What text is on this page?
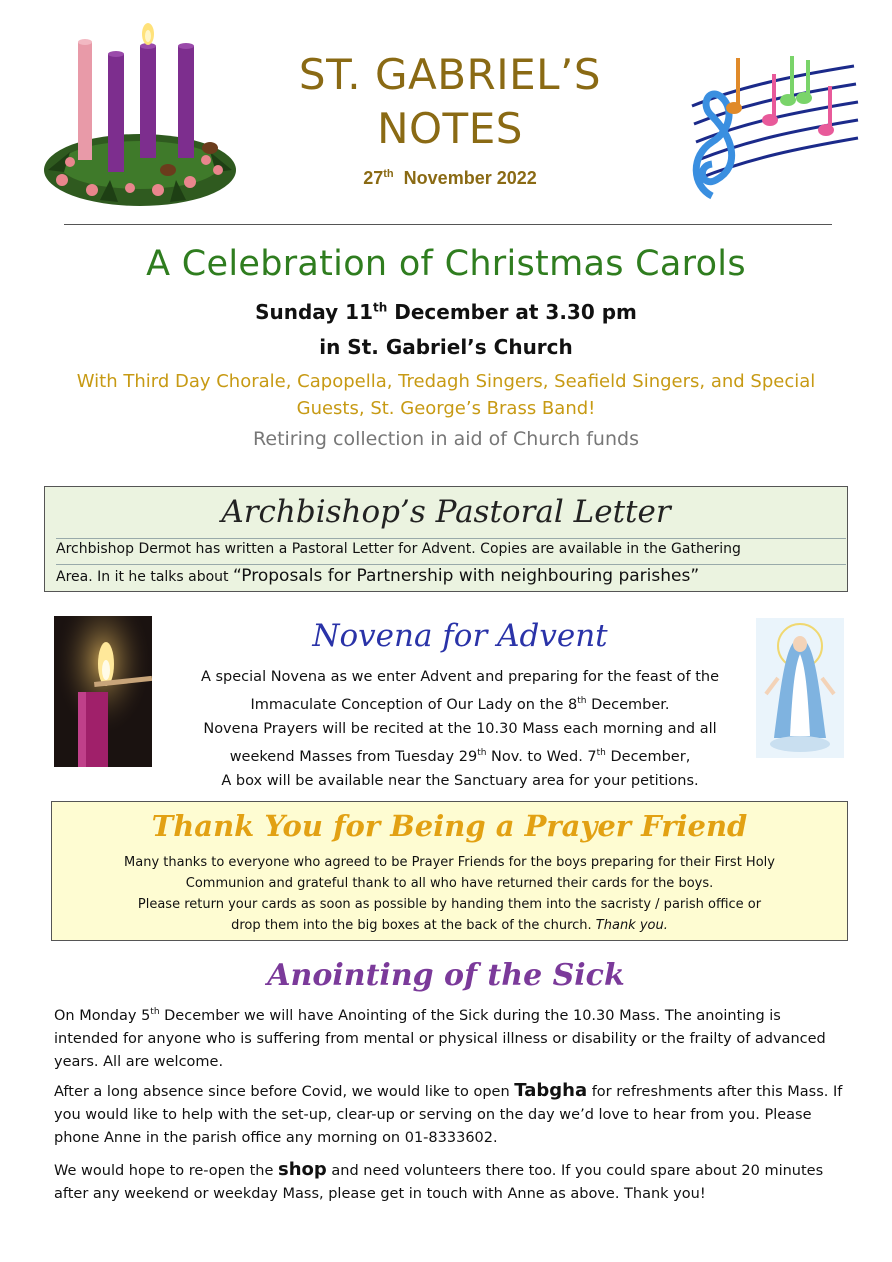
ST. GABRIEL’S
NOTES
27th November 2022
A Celebration of Christmas Carols
Sunday 11th December at 3.30 pm
in St. Gabriel’s Church
With Third Day Chorale, Capopella, Tredagh Singers, Seafield Singers, and Special Guests, St. George’s Brass Band!
Retiring collection in aid of Church funds
Archbishop’s Pastoral Letter
Archbishop Dermot has written a Pastoral Letter for Advent. Copies are available in the Gathering
Area. In it he talks about “Proposals for Partnership with neighbouring parishes”
Novena for Advent
A special Novena as we enter Advent and preparing for the feast of the
Immaculate Conception of Our Lady on the 8th December.
Novena Prayers will be recited at the 10.30 Mass each morning and all
weekend Masses from Tuesday 29th Nov. to Wed. 7th December,
A box will be available near the Sanctuary area for your petitions.
Thank You for Being a Prayer Friend
Many thanks to everyone who agreed to be Prayer Friends for the boys preparing for their First Holy
Communion and grateful thank to all who have returned their cards for the boys.
Please return your cards as soon as possible by handing them into the sacristy / parish office or
drop them into the big boxes at the back of the church. Thank you.
Anointing of the Sick
On Monday 5th December we will have Anointing of the Sick during the 10.30 Mass. The anointing is intended for anyone who is suffering from mental or physical illness or disability or the frailty of advanced years. All are welcome.
After a long absence since before Covid, we would like to open Tabgha for refreshments after this Mass. If you would like to help with the set-up, clear-up or serving on the day we’d love to hear from you. Please phone Anne in the parish office any morning on 01-8333602.
We would hope to re-open the shop and need volunteers there too. If you could spare about 20 minutes after any weekend or weekday Mass, please get in touch with Anne as above. Thank you!
